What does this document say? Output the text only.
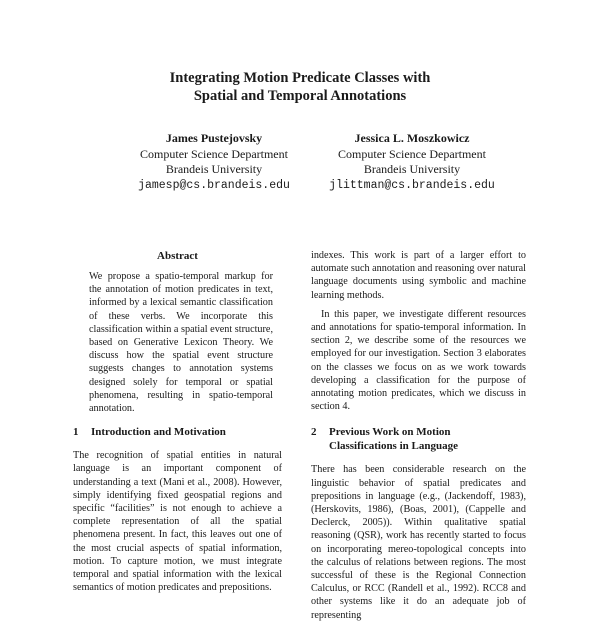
Integrating Motion Predicate Classes with
Spatial and Temporal Annotations
James Pustejovsky
Computer Science Department
Brandeis University
jamesp@cs.brandeis.edu
Jessica L. Moszkowicz
Computer Science Department
Brandeis University
jlittman@cs.brandeis.edu
Abstract

We propose a spatio-temporal markup for the annotation of motion predicates in text, informed by a lexical semantic classification of these verbs. We incorporate this classification within a spatial event structure, based on Generative Lexicon Theory. We discuss how the spatial event structure suggests changes to annotation systems designed solely for temporal or spatial phenomena, resulting in spatio-temporal annotation.

1 Introduction and Motivation

The recognition of spatial entities in natural language is an important component of understanding a text (Mani et al., 2008). However, simply identifying fixed geospatial regions and specific “facilities” is not enough to achieve a complete representation of all the spatial phenomena present. In fact, this leaves out one of the most crucial aspects of spatial information, motion. To capture motion, we must integrate temporal and spatial information with the lexical semantics of motion predicates and prepositions.

indexes. This work is part of a larger effort to automate such annotation and reasoning over natural language documents using symbolic and machine learning methods.

In this paper, we investigate different resources and annotations for spatio-temporal information. In section 2, we describe some of the resources we employed for our investigation. Section 3 elaborates on the classes we focus on as we work towards developing a classification for the purpose of annotating motion predicates, which we discuss in section 4.

2 Previous Work on Motion
Classifications in Language

There has been considerable research on the linguistic behavior of spatial predicates and prepositions in language (e.g., (Jackendoff, 1983), (Herskovits, 1986), (Boas, 2001), (Cappelle and Declerck, 2005)). Within qualitative spatial reasoning (QSR), work has recently started to focus on incorporating mereo-topological concepts into the calculus of relations between regions. The most successful of these is the Regional Connection Calculus, or RCC (Randell et al., 1992). RCC8 and other systems like it do an adequate job of representing
